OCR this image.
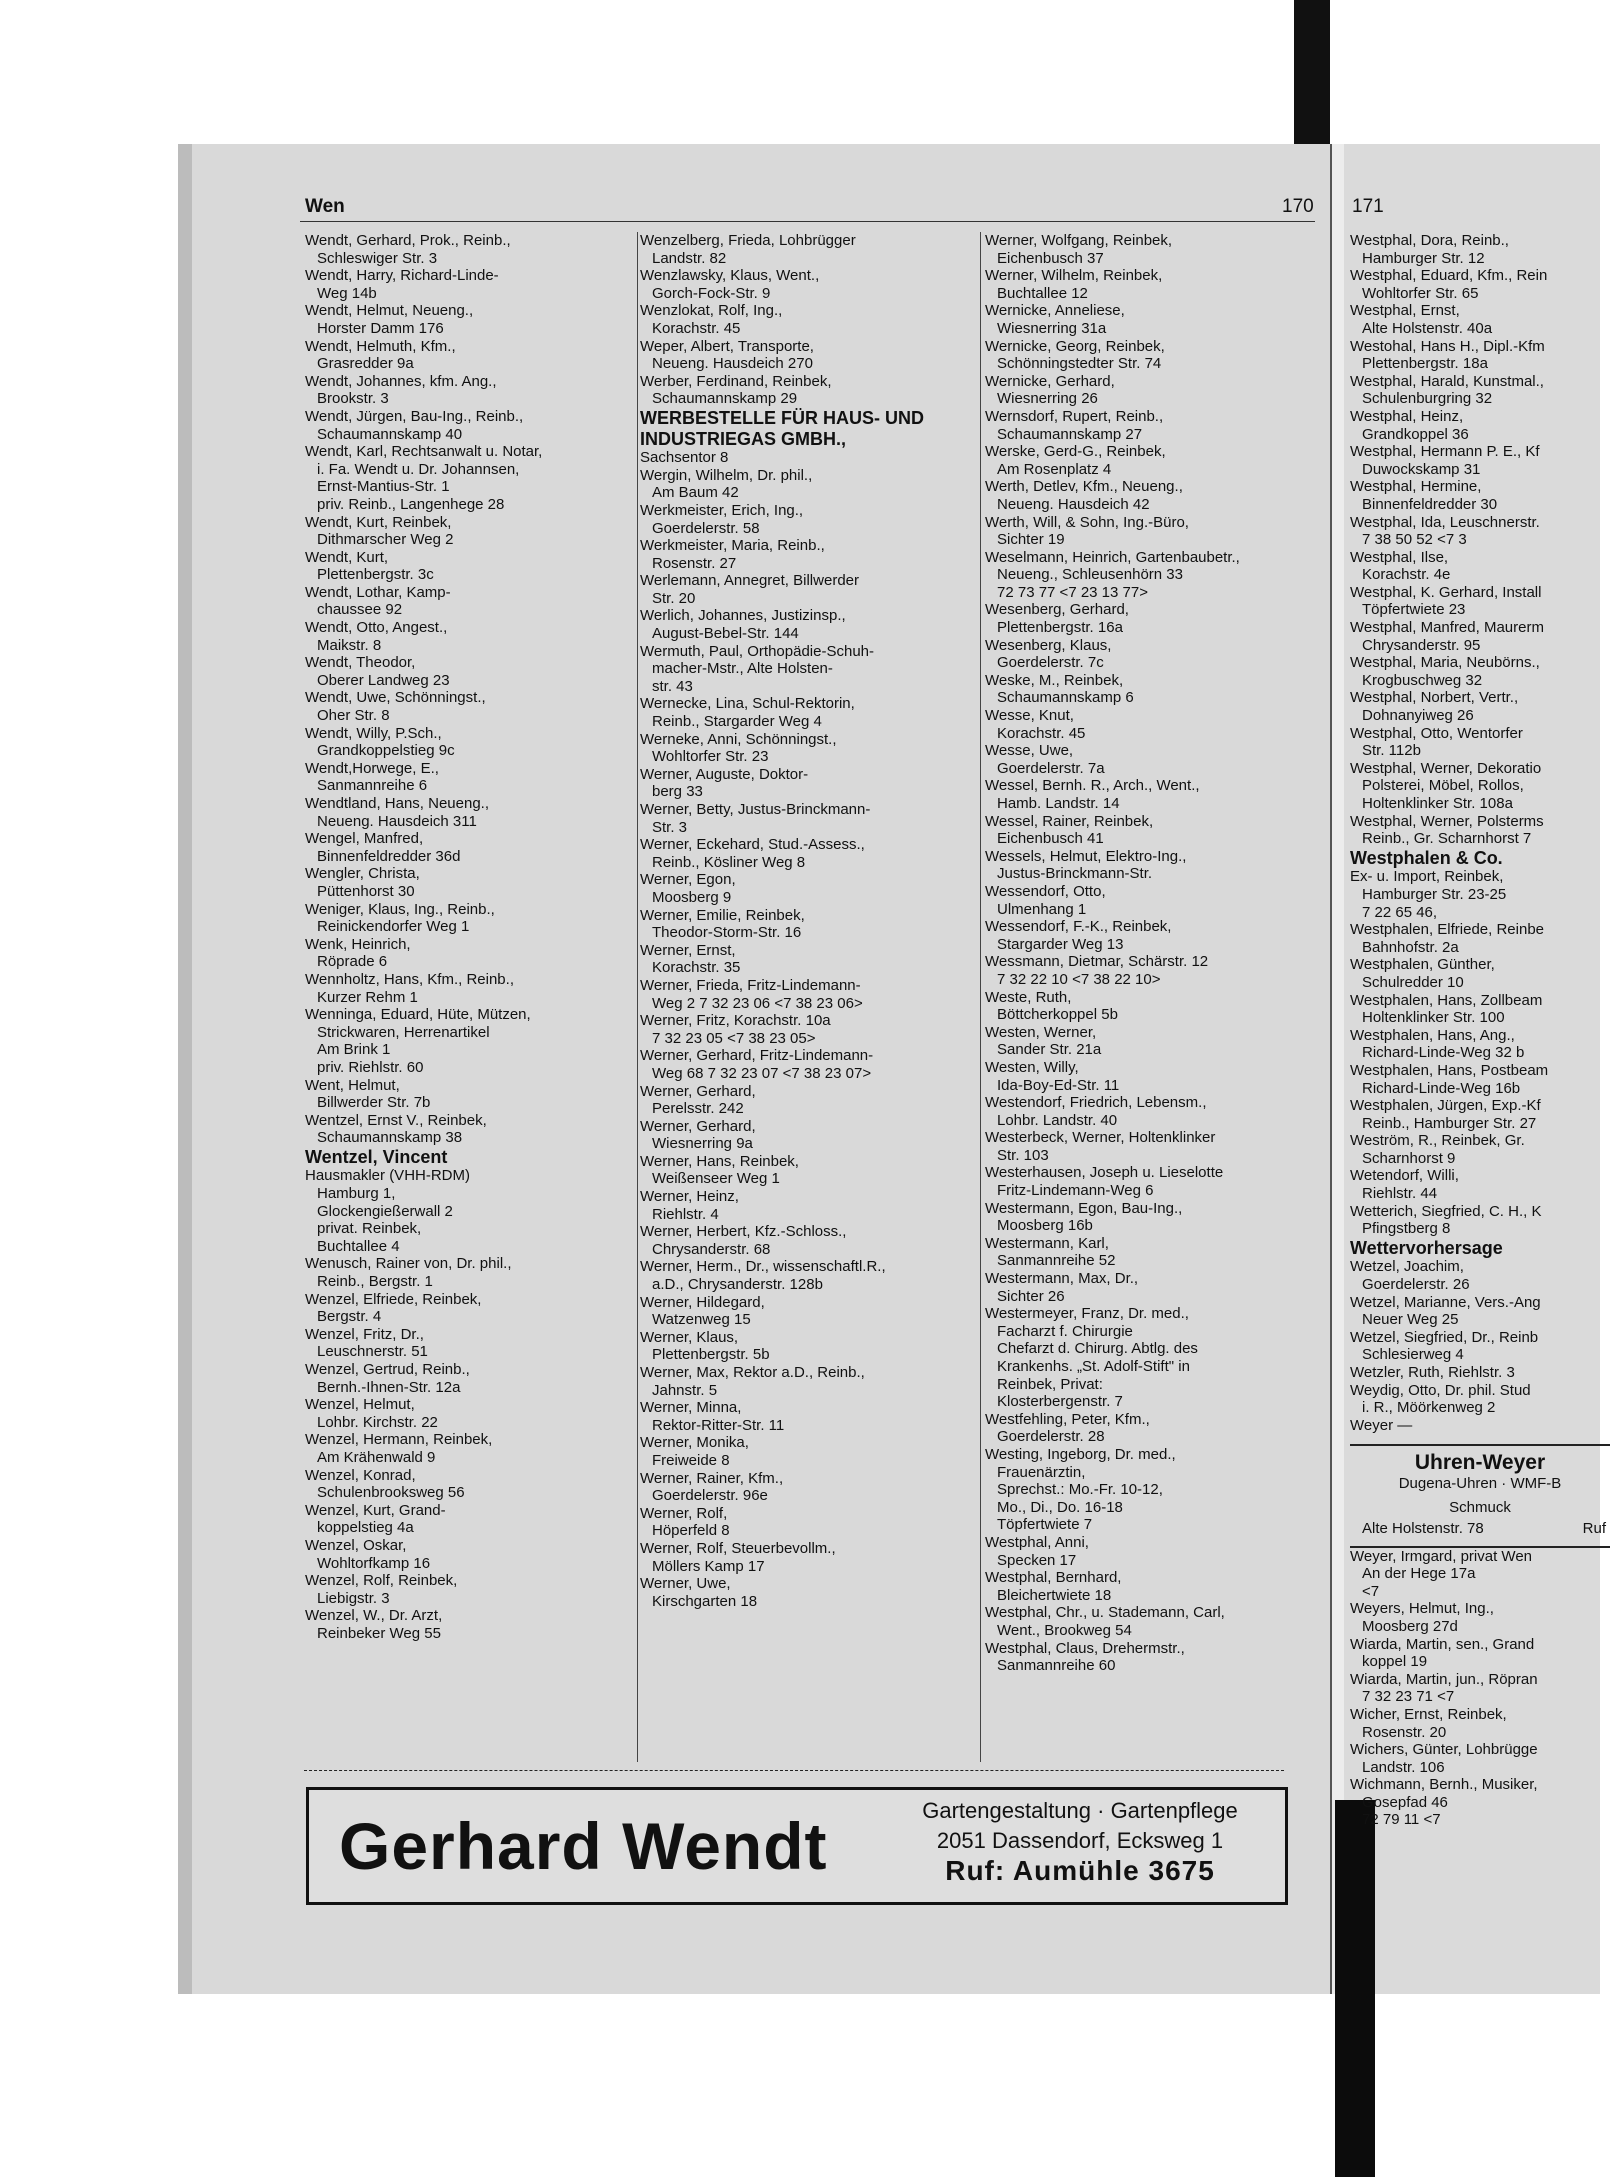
Wen	170 171
Wendt, Gerhard, Prok., Reinb.,
Schleswiger Str. 3
Wendt, Harry, Richard-Linde-
Weg 14b
Wendt, Helmut, Neueng.,
Horster Damm 176
Wendt, Helmuth, Kfm.,
Grasredder 9a
Wendt, Johannes, kfm. Ang.,
Brookstr. 3
Wendt, Jürgen, Bau-Ing., Reinb.,
Schaumannskamp 40
Wendt, Karl, Rechtsanwalt u. Notar,
i. Fa. Wendt u. Dr. Johannsen,
Ernst-Mantius-Str. 1
priv. Reinb., Langenhege 28
Wendt, Kurt, Reinbek,
Dithmarscher Weg 2
Wendt, Kurt,
Plettenbergstr. 3c
Wendt, Lothar, Kamp-
chaussee 92
Wendt, Otto, Angest.,
Maikstr. 8
Wendt, Theodor,
Oberer Landweg 23
Wendt, Uwe, Schönningst.,
Oher Str. 8
Wendt, Willy, P.Sch.,
Grandkoppelstieg 9c
Wendt,Horwege, E.,
Sanmannreihe 6
Wendtland, Hans, Neueng.,
Neueng. Hausdeich 311
Wengel, Manfred,
Binnenfeldredder 36d
Wengler, Christa,
Püttenhorst 30
Weniger, Klaus, Ing., Reinb.,
Reinickendorfer Weg 1
Wenk, Heinrich,
Röprade 6
Wennholtz, Hans, Kfm., Reinb.,
Kurzer Rehm 1
Wenninga, Eduard, Hüte, Mützen,
Strickwaren, Herrenartikel
Am Brink 1
priv. Riehlstr. 60
Went, Helmut,
Billwerder Str. 7b
Wentzel, Ernst V., Reinbek,
Schaumannskamp 38
Wentzel, Vincent
Hausmakler (VHH-RDM)
Hamburg 1,
Glockengießerwall 2
privat. Reinbek,
Buchtallee 4
Wenusch, Rainer von, Dr. phil.,
Reinb., Bergstr. 1
Wenzel, Elfriede, Reinbek,
Bergstr. 4
Wenzel, Fritz, Dr.,
Leuschnerstr. 51
Wenzel, Gertrud, Reinb.,
Bernh.-Ihnen-Str. 12a
Wenzel, Helmut,
Lohbr. Kirchstr. 22
Wenzel, Hermann, Reinbek,
Am Krähenwald 9
Wenzel, Konrad,
Schulenbrooksweg 56
Wenzel, Kurt, Grand-
koppelstieg 4a
Wenzel, Oskar,
Wohltorfkamp 16
Wenzel, Rolf, Reinbek,
Liebigstr. 3
Wenzel, W., Dr. Arzt,
Reinbeker Weg 55
Wenzelberg, Frieda, Lohbrügger
Landstr. 82
Wenzlawsky, Klaus, Went.,
Gorch-Fock-Str. 9
Wenzlokat, Rolf, Ing.,
Korachstr. 45
Weper, Albert, Transporte,
Neueng. Hausdeich 270
Werber, Ferdinand, Reinbek,
Schaumannskamp 29
WERBESTELLE FÜR HAUS- UND
INDUSTRIEGAS GMBH.,
Sachsentor 8
Wergin, Wilhelm, Dr. phil.,
Am Baum 42
Werkmeister, Erich, Ing.,
Goerdelerstr. 58
Werkmeister, Maria, Reinb.,
Rosenstr. 27
Werlemann, Annegret, Billwerder
Str. 20
Werlich, Johannes, Justizinsp.,
August-Bebel-Str. 144
Wermuth, Paul, Orthopädie-Schuh-
macher-Mstr., Alte Holsten-
str. 43
Wernecke, Lina, Schul-Rektorin,
Reinb., Stargarder Weg 4
Werneke, Anni, Schönningst.,
Wohltorfer Str. 23
Werner, Auguste, Doktor-
berg 33
Werner, Betty, Justus-Brinckmann-
Str. 3
Werner, Eckehard, Stud.-Assess.,
Reinb., Kösliner Weg 8
Werner, Egon,
Moosberg 9
Werner, Emilie, Reinbek,
Theodor-Storm-Str. 16
Werner, Ernst,
Korachstr. 35
Werner, Frieda, Fritz-Lindemann-
Weg 2 7 32 23 06 <7 38 23 06>
Werner, Fritz, Korachstr. 10a
7 32 23 05 <7 38 23 05>
Werner, Gerhard, Fritz-Lindemann-
Weg 68 7 32 23 07 <7 38 23 07>
Werner, Gerhard,
Perelsstr. 242
Werner, Gerhard,
Wiesnerring 9a
Werner, Hans, Reinbek,
Weißenseer Weg 1
Werner, Heinz,
Riehlstr. 4
Werner, Herbert, Kfz.-Schloss.,
Chrysanderstr. 68
Werner, Herm., Dr., wissenschaftl.R.,
a.D., Chrysanderstr. 128b
Werner, Hildegard,
Watzenweg 15
Werner, Klaus,
Plettenbergstr. 5b
Werner, Max, Rektor a.D., Reinb.,
Jahnstr. 5
Werner, Minna,
Rektor-Ritter-Str. 11
Werner, Monika,
Freiweide 8
Werner, Rainer, Kfm.,
Goerdelerstr. 96e
Werner, Rolf,
Höperfeld 8
Werner, Rolf, Steuerbevollm.,
Möllers Kamp 17
Werner, Uwe,
Kirschgarten 18
Werner, Wolfgang, Reinbek,
Eichenbusch 37
Werner, Wilhelm, Reinbek,
Buchtallee 12
Wernicke, Anneliese,
Wiesnerring 31a
Wernicke, Georg, Reinbek,
Schönningstedter Str. 74
Wernicke, Gerhard,
Wiesnerring 26
Wernsdorf, Rupert, Reinb.,
Schaumannskamp 27
Werske, Gerd-G., Reinbek,
Am Rosenplatz 4
Werth, Detlev, Kfm., Neueng.,
Neueng. Hausdeich 42
Werth, Will, & Sohn, Ing.-Büro,
Sichter 19
Weselmann, Heinrich, Gartenbaubetr.,
Neueng., Schleusenhörn 33
72 73 77 <7 23 13 77>
Wesenberg, Gerhard,
Plettenbergstr. 16a
Wesenberg, Klaus,
Goerdelerstr. 7c
Weske, M., Reinbek,
Schaumannskamp 6
Wesse, Knut,
Korachstr. 45
Wesse, Uwe,
Goerdelerstr. 7a
Wessel, Bernh. R., Arch., Went.,
Hamb. Landstr. 14
Wessel, Rainer, Reinbek,
Eichenbusch 41
Wessels, Helmut, Elektro-Ing.,
Justus-Brinckmann-Str.
Wessendorf, Otto,
Ulmenhang 1
Wessendorf, F.-K., Reinbek,
Stargarder Weg 13
Wessmann, Dietmar, Schärstr. 12
7 32 22 10 <7 38 22 10>
Weste, Ruth,
Böttcherkoppel 5b
Westen, Werner,
Sander Str. 21a
Westen, Willy,
Ida-Boy-Ed-Str. 11
Westendorf, Friedrich, Lebensm.,
Lohbr. Landstr. 40
Westerbeck, Werner, Holtenklinker
Str. 103
Westerhausen, Joseph u. Lieselotte
Fritz-Lindemann-Weg 6
Westermann, Egon, Bau-Ing.,
Moosberg 16b
Westermann, Karl,
Sanmannreihe 52
Westermann, Max, Dr.,
Sichter 26
Westermeyer, Franz, Dr. med.,
Facharzt f. Chirurgie
Chefarzt d. Chirurg. Abtlg. des
Krankenhs. „St. Adolf-Stift" in
Reinbek, Privat:
Klosterbergenstr. 7
Westfehling, Peter, Kfm.,
Goerdelerstr. 28
Westing, Ingeborg, Dr. med.,
Frauenärztin,
Sprechst.: Mo.-Fr. 10-12,
Mo., Di., Do. 16-18
Töpfertwiete 7
Westphal, Anni,
Specken 17
Westphal, Bernhard,
Bleichertwiete 18
Westphal, Chr., u. Stademann, Carl,
Went., Brookweg 54
Westphal, Claus, Drehermstr.,
Sanmannreihe 60
Westphal, Dora, Reinb.,
Hamburger Str. 12
Westphal, Eduard, Kfm., Rein
Wohltorfer Str. 65
Westphal, Ernst,
Alte Holstenstr. 40a
Westohal, Hans H., Dipl.-Kfm
Plettenbergstr. 18a
Westphal, Harald, Kunstmal.,
Schulenburgring 32
Westphal, Heinz,
Grandkoppel 36
Westphal, Hermann P. E., Kf
Duwockskamp 31
Westphal, Hermine,
Binnenfeldredder 30
Westphal, Ida, Leuschnerstr.
7 38 50 52 <7 3
Westphal, Ilse,
Korachstr. 4e
Westphal, K. Gerhard, Install
Töpfertwiete 23
Westphal, Manfred, Maurerm
Chrysanderstr. 95
Westphal, Maria, Neubörns.,
Krogbuschweg 32
Westphal, Norbert, Vertr.,
Dohnanyiweg 26
Westphal, Otto, Wentorfer
Str. 112b
Westphal, Werner, Dekoratio
Polsterei, Möbel, Rollos,
Holtenklinker Str. 108a
Westphal, Werner, Polsterms
Reinb., Gr. Scharnhorst 7
Westphalen & Co.
Ex- u. Import, Reinbek,
Hamburger Str. 23-25
7 22 65 46,
Westphalen, Elfriede, Reinbe
Bahnhofstr. 2a
Westphalen, Günther,
Schulredder 10
Westphalen, Hans, Zollbeam
Holtenklinker Str. 100
Westphalen, Hans, Ang.,
Richard-Linde-Weg 32 b
Westphalen, Hans, Postbeam
Richard-Linde-Weg 16b
Westphalen, Jürgen, Exp.-Kf
Reinb., Hamburger Str. 27
Weström, R., Reinbek, Gr.
Scharnhorst 9
Wetendorf, Willi,
Riehlstr. 44
Wetterich, Siegfried, C. H., K
Pfingstberg 8
Wettervorhersage
Wetzel, Joachim,
Goerdelerstr. 26
Wetzel, Marianne, Vers.-Ang
Neuer Weg 25
Wetzel, Siegfried, Dr., Reinb
Schlesierweg 4
Wetzler, Ruth, Riehlstr. 3
Weydig, Otto, Dr. phil. Stud
i. R., Möörkenweg 2
Weyer —
Uhren-Weyer
Dugena-Uhren · WMF-B
Schmuck
Alte Holstenstr. 78	Ruf
Weyer, Irmgard, privat Wen
An der Hege 17a
<7
Weyers, Helmut, Ing.,
Moosberg 27d
Wiarda, Martin, sen., Grand
koppel 19
Wiarda, Martin, jun., Röpran
7 32 23 71 <7
Wicher, Ernst, Reinbek,
Rosenstr. 20
Wichers, Günter, Lohbrügge
Landstr. 106
Wichmann, Bernh., Musiker,
Gosepfad 46
72 79 11 <7
Gerhard Wendt	Gartengestaltung · Gartenpflege
2051 Dassendorf, Ecksweg 1
Ruf: Aumühle 3675
